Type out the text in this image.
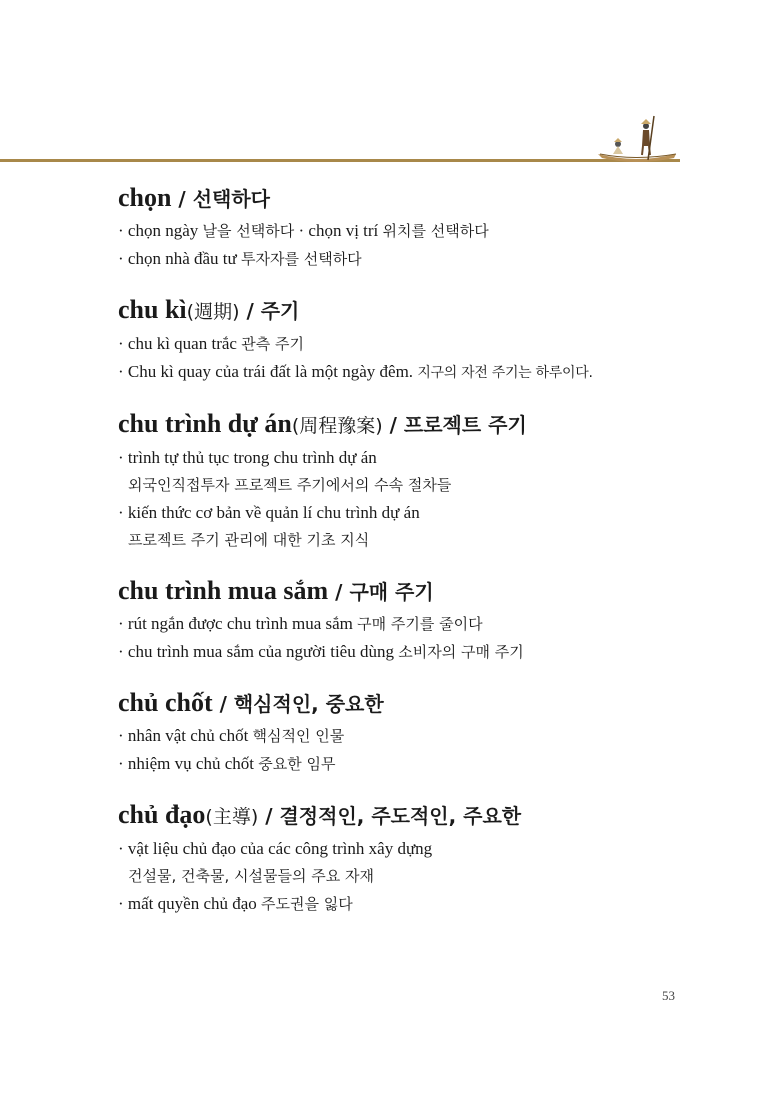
chọn / 선택하다
· chọn ngày 날을 선택하다 · chọn vị trí 위치를 선택하다
· chọn nhà đầu tư 투자자를 선택하다
chu kì(週期) / 주기
· chu kì quan trắc 관측 주기
· Chu kì quay của trái đất là một ngày đêm. 지구의 자전 주기는 하루이다.
chu trình dự án(周程豫案) / 프로젝트 주기
· trình tự thủ tục trong chu trình dự án
외국인직접투자 프로젝트 주기에서의 수속 절차들
· kiến thức cơ bản về quản lí chu trình dự án
프로젝트 주기 관리에 대한 기초 지식
chu trình mua sắm / 구매 주기
· rút ngắn được chu trình mua sắm 구매 주기를 줄이다
· chu trình mua sắm của người tiêu dùng 소비자의 구매 주기
chủ chốt / 핵심적인, 중요한
· nhân vật chủ chốt 핵심적인 인물
· nhiệm vụ chủ chốt 중요한 임무
chủ đạo(主導) / 결정적인, 주도적인, 주요한
· vật liệu chủ đạo của các công trình xây dựng
건설물, 건축물, 시설물들의 주요 자재
· mất quyền chủ đạo 주도권을 잃다
53
